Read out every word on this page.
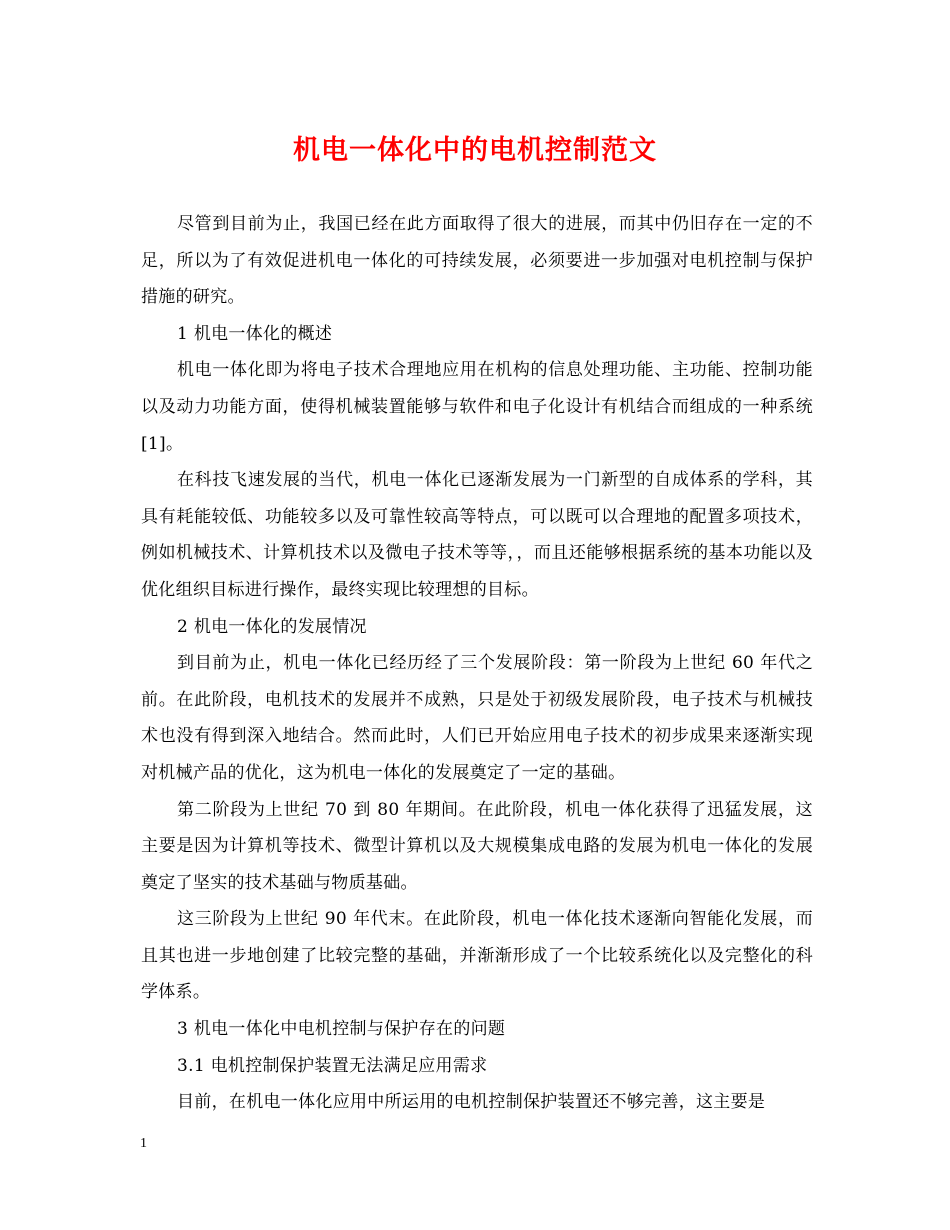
机电一体化中的电机控制范文

尽管到目前为止，我国已经在此方面取得了很大的进展，而其中仍旧存在一定的不足，所以为了有效促进机电一体化的可持续发展，必须要进一步加强对电机控制与保护措施的研究。

1 机电一体化的概述

机电一体化即为将电子技术合理地应用在机构的信息处理功能、主功能、控制功能以及动力功能方面，使得机械装置能够与软件和电子化设计有机结合而组成的一种系统[1]。

在科技飞速发展的当代，机电一体化已逐渐发展为一门新型的自成体系的学科，其具有耗能较低、功能较多以及可靠性较高等特点，可以既可以合理地的配置多项技术，例如机械技术、计算机技术以及微电子技术等等，，而且还能够根据系统的基本功能以及优化组织目标进行操作，最终实现比较理想的目标。

2 机电一体化的发展情况

到目前为止，机电一体化已经历经了三个发展阶段：第一阶段为上世纪 60 年代之前。在此阶段，电机技术的发展并不成熟，只是处于初级发展阶段，电子技术与机械技术也没有得到深入地结合。然而此时，人们已开始应用电子技术的初步成果来逐渐实现对机械产品的优化，这为机电一体化的发展奠定了一定的基础。

第二阶段为上世纪 70 到 80 年期间。在此阶段，机电一体化获得了迅猛发展，这主要是因为计算机等技术、微型计算机以及大规模集成电路的发展为机电一体化的发展奠定了坚实的技术基础与物质基础。

这三阶段为上世纪 90 年代末。在此阶段，机电一体化技术逐渐向智能化发展，而且其也进一步地创建了比较完整的基础，并渐渐形成了一个比较系统化以及完整化的科学体系。

3 机电一体化中电机控制与保护存在的问题

3.1 电机控制保护装置无法满足应用需求

目前，在机电一体化应用中所运用的电机控制保护装置还不够完善，这主要是

1
